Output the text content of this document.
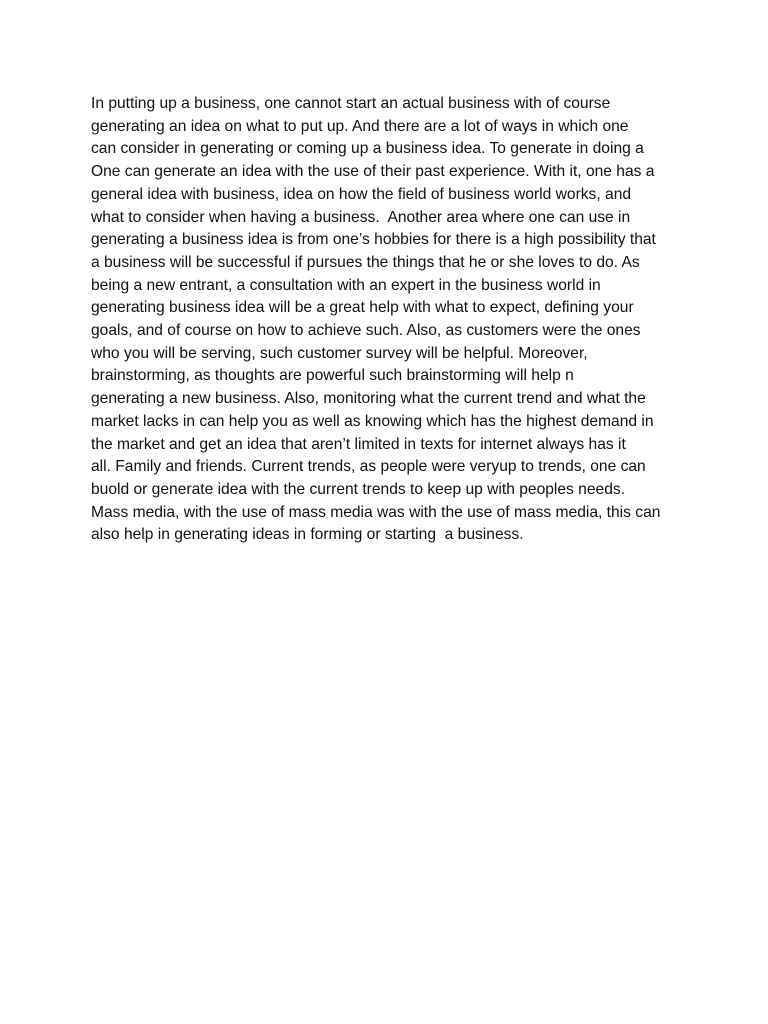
In putting up a business, one cannot start an actual business with of course
generating an idea on what to put up. And there are a lot of ways in which one
can consider in generating or coming up a business idea. To generate in doing a
One can generate an idea with the use of their past experience. With it, one has a
general idea with business, idea on how the field of business world works, and
what to consider when having a business.  Another area where one can use in
generating a business idea is from one’s hobbies for there is a high possibility that
a business will be successful if pursues the things that he or she loves to do. As
being a new entrant, a consultation with an expert in the business world in
generating business idea will be a great help with what to expect, defining your
goals, and of course on how to achieve such. Also, as customers were the ones
who you will be serving, such customer survey will be helpful. Moreover,
brainstorming, as thoughts are powerful such brainstorming will help n
generating a new business. Also, monitoring what the current trend and what the
market lacks in can help you as well as knowing which has the highest demand in
the market and get an idea that aren’t limited in texts for internet always has it
all. Family and friends. Current trends, as people were veryup to trends, one can
buold or generate idea with the current trends to keep up with peoples needs.
Mass media, with the use of mass media was with the use of mass media, this can
also help in generating ideas in forming or starting  a business.
